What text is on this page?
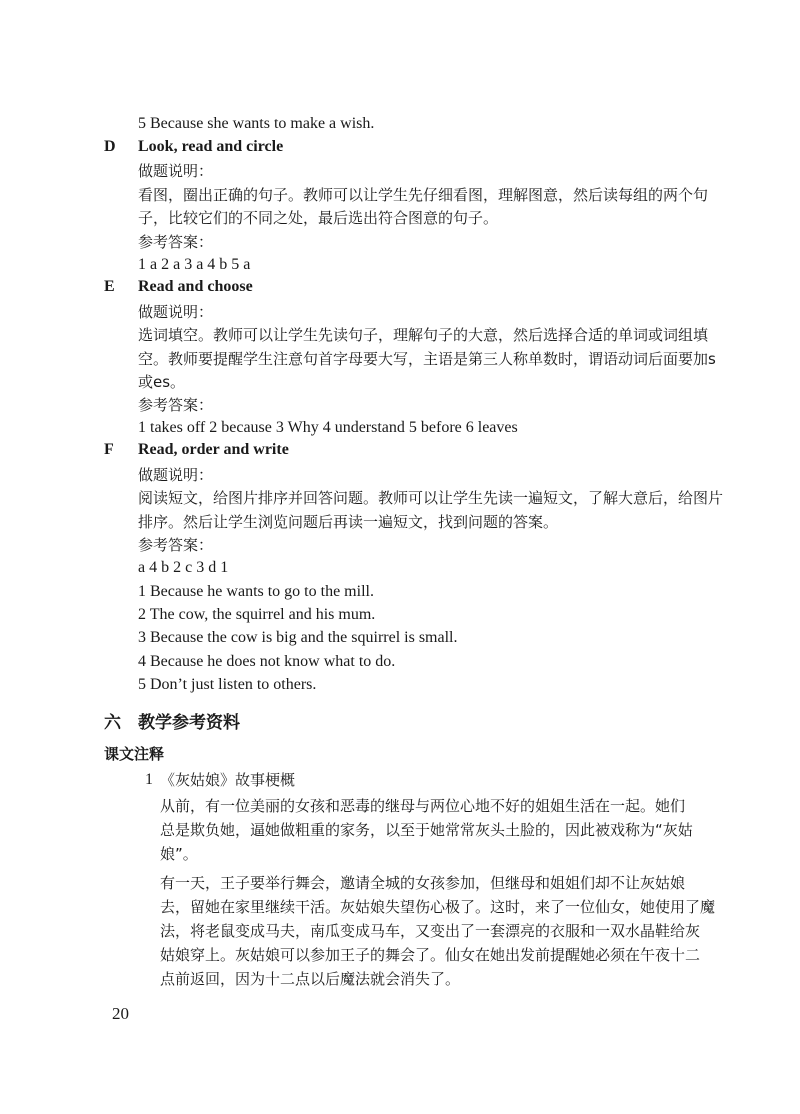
5 Because she wants to make a wish.
D Look, read and circle
做题说明：
看图，圈出正确的句子。教师可以让学生先仔细看图，理解图意，然后读每组的两个句
子，比较它们的不同之处，最后选出符合图意的句子。
参考答案：
1 a 2 a 3 a 4 b 5 a
E Read and choose
做题说明：
选词填空。教师可以让学生先读句子，理解句子的大意，然后选择合适的单词或词组填
空。教师要提醒学生注意句首字母要大写，主语是第三人称单数时，谓语动词后面要加s
或es。
参考答案：
1 takes off 2 because 3 Why 4 understand 5 before 6 leaves
F Read, order and write
做题说明：
阅读短文，给图片排序并回答问题。教师可以让学生先读一遍短文，了解大意后，给图片
排序。然后让学生浏览问题后再读一遍短文，找到问题的答案。
参考答案：
a 4 b 2 c 3 d 1
1 Because he wants to go to the mill.
2 The cow, the squirrel and his mum.
3 Because the cow is big and the squirrel is small.
4 Because he does not know what to do.
5 Don’t just listen to others.
六 教学参考资料
课文注释
1 《灰姑娘》故事梗概
从前，有一位美丽的女孩和恶毒的继母与两位心地不好的姐姐生活在一起。她们
总是欺负她，逼她做粗重的家务，以至于她常常灰头土脸的，因此被戏称为“灰姑
娘”。
有一天，王子要举行舞会，邀请全城的女孩参加，但继母和姐姐们却不让灰姑娘
去，留她在家里继续干活。灰姑娘失望伤心极了。这时，来了一位仙女，她使用了魔
法，将老鼠变成马夫，南瓜变成马车，又变出了一套漂亮的衣服和一双水晶鞋给灰
姑娘穿上。灰姑娘可以参加王子的舞会了。仙女在她出发前提醒她必须在午夜十二
点前返回，因为十二点以后魔法就会消失了。
20
